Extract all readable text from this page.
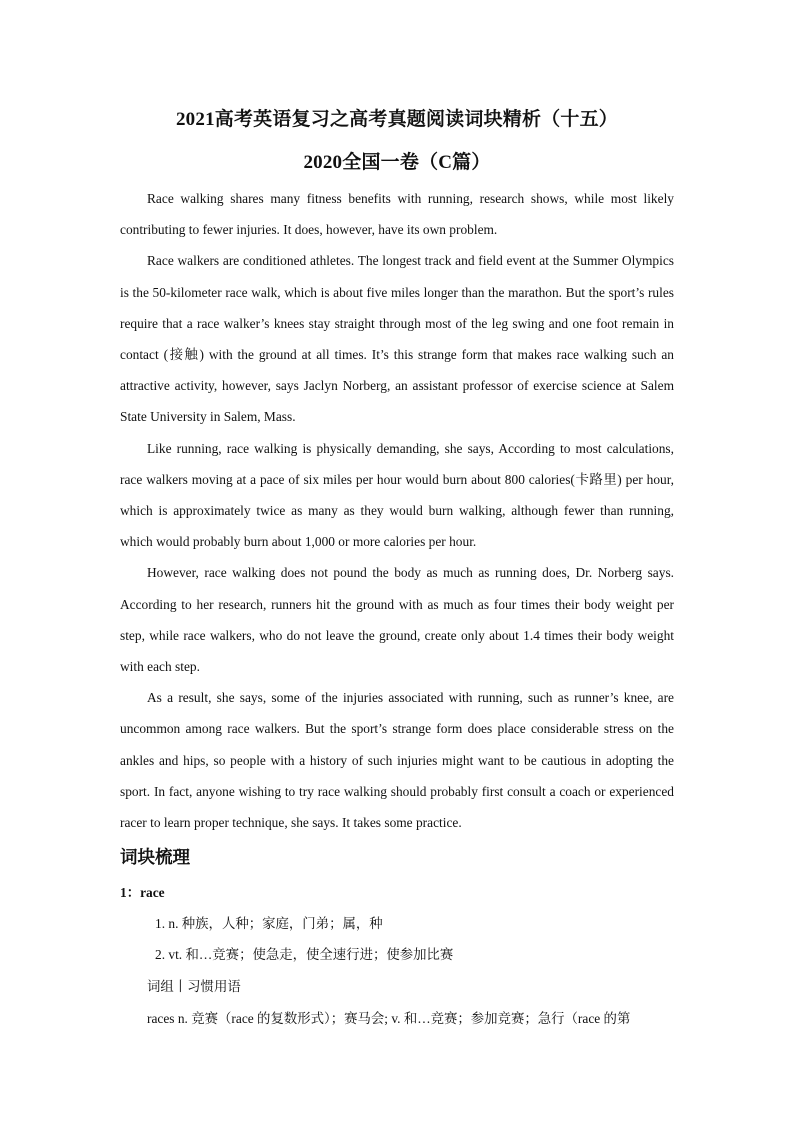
2021高考英语复习之高考真题阅读词块精析（十五）
2020全国一卷（C篇）

Race walking shares many fitness benefits with running, research shows, while most likely contributing to fewer injuries. It does, however, have its own problem.

Race walkers are conditioned athletes. The longest track and field event at the Summer Olympics is the 50-kilometer race walk, which is about five miles longer than the marathon. But the sport’s rules require that a race walker’s knees stay straight through most of the leg swing and one foot remain in contact (接触) with the ground at all times. It’s this strange form that makes race walking such an attractive activity, however, says Jaclyn Norberg, an assistant professor of exercise science at Salem State University in Salem, Mass.

Like running, race walking is physically demanding, she says, According to most calculations, race walkers moving at a pace of six miles per hour would burn about 800 calories(卡路里) per hour, which is approximately twice as many as they would burn walking, although fewer than running, which would probably burn about 1,000 or more calories per hour.

However, race walking does not pound the body as much as running does, Dr. Norberg says. According to her research, runners hit the ground with as much as four times their body weight per step, while race walkers, who do not leave the ground, create only about 1.4 times their body weight with each step.

As a result, she says, some of the injuries associated with running, such as runner’s knee, are uncommon among race walkers. But the sport’s strange form does place considerable stress on the ankles and hips, so people with a history of such injuries might want to be cautious in adopting the sport. In fact, anyone wishing to try race walking should probably first consult a coach or experienced racer to learn proper technique, she says. It takes some practice.

词块梳理
1：race
1. n. 种族，人种；家庭，门弟；属，种
2. vt. 和…竞赛；使急走，使全速行进；使参加比赛
词组丨习惯用语
races n. 竞赛（race 的复数形式）；赛马会; v. 和…竞赛；参加竞赛；急行（race 的第
